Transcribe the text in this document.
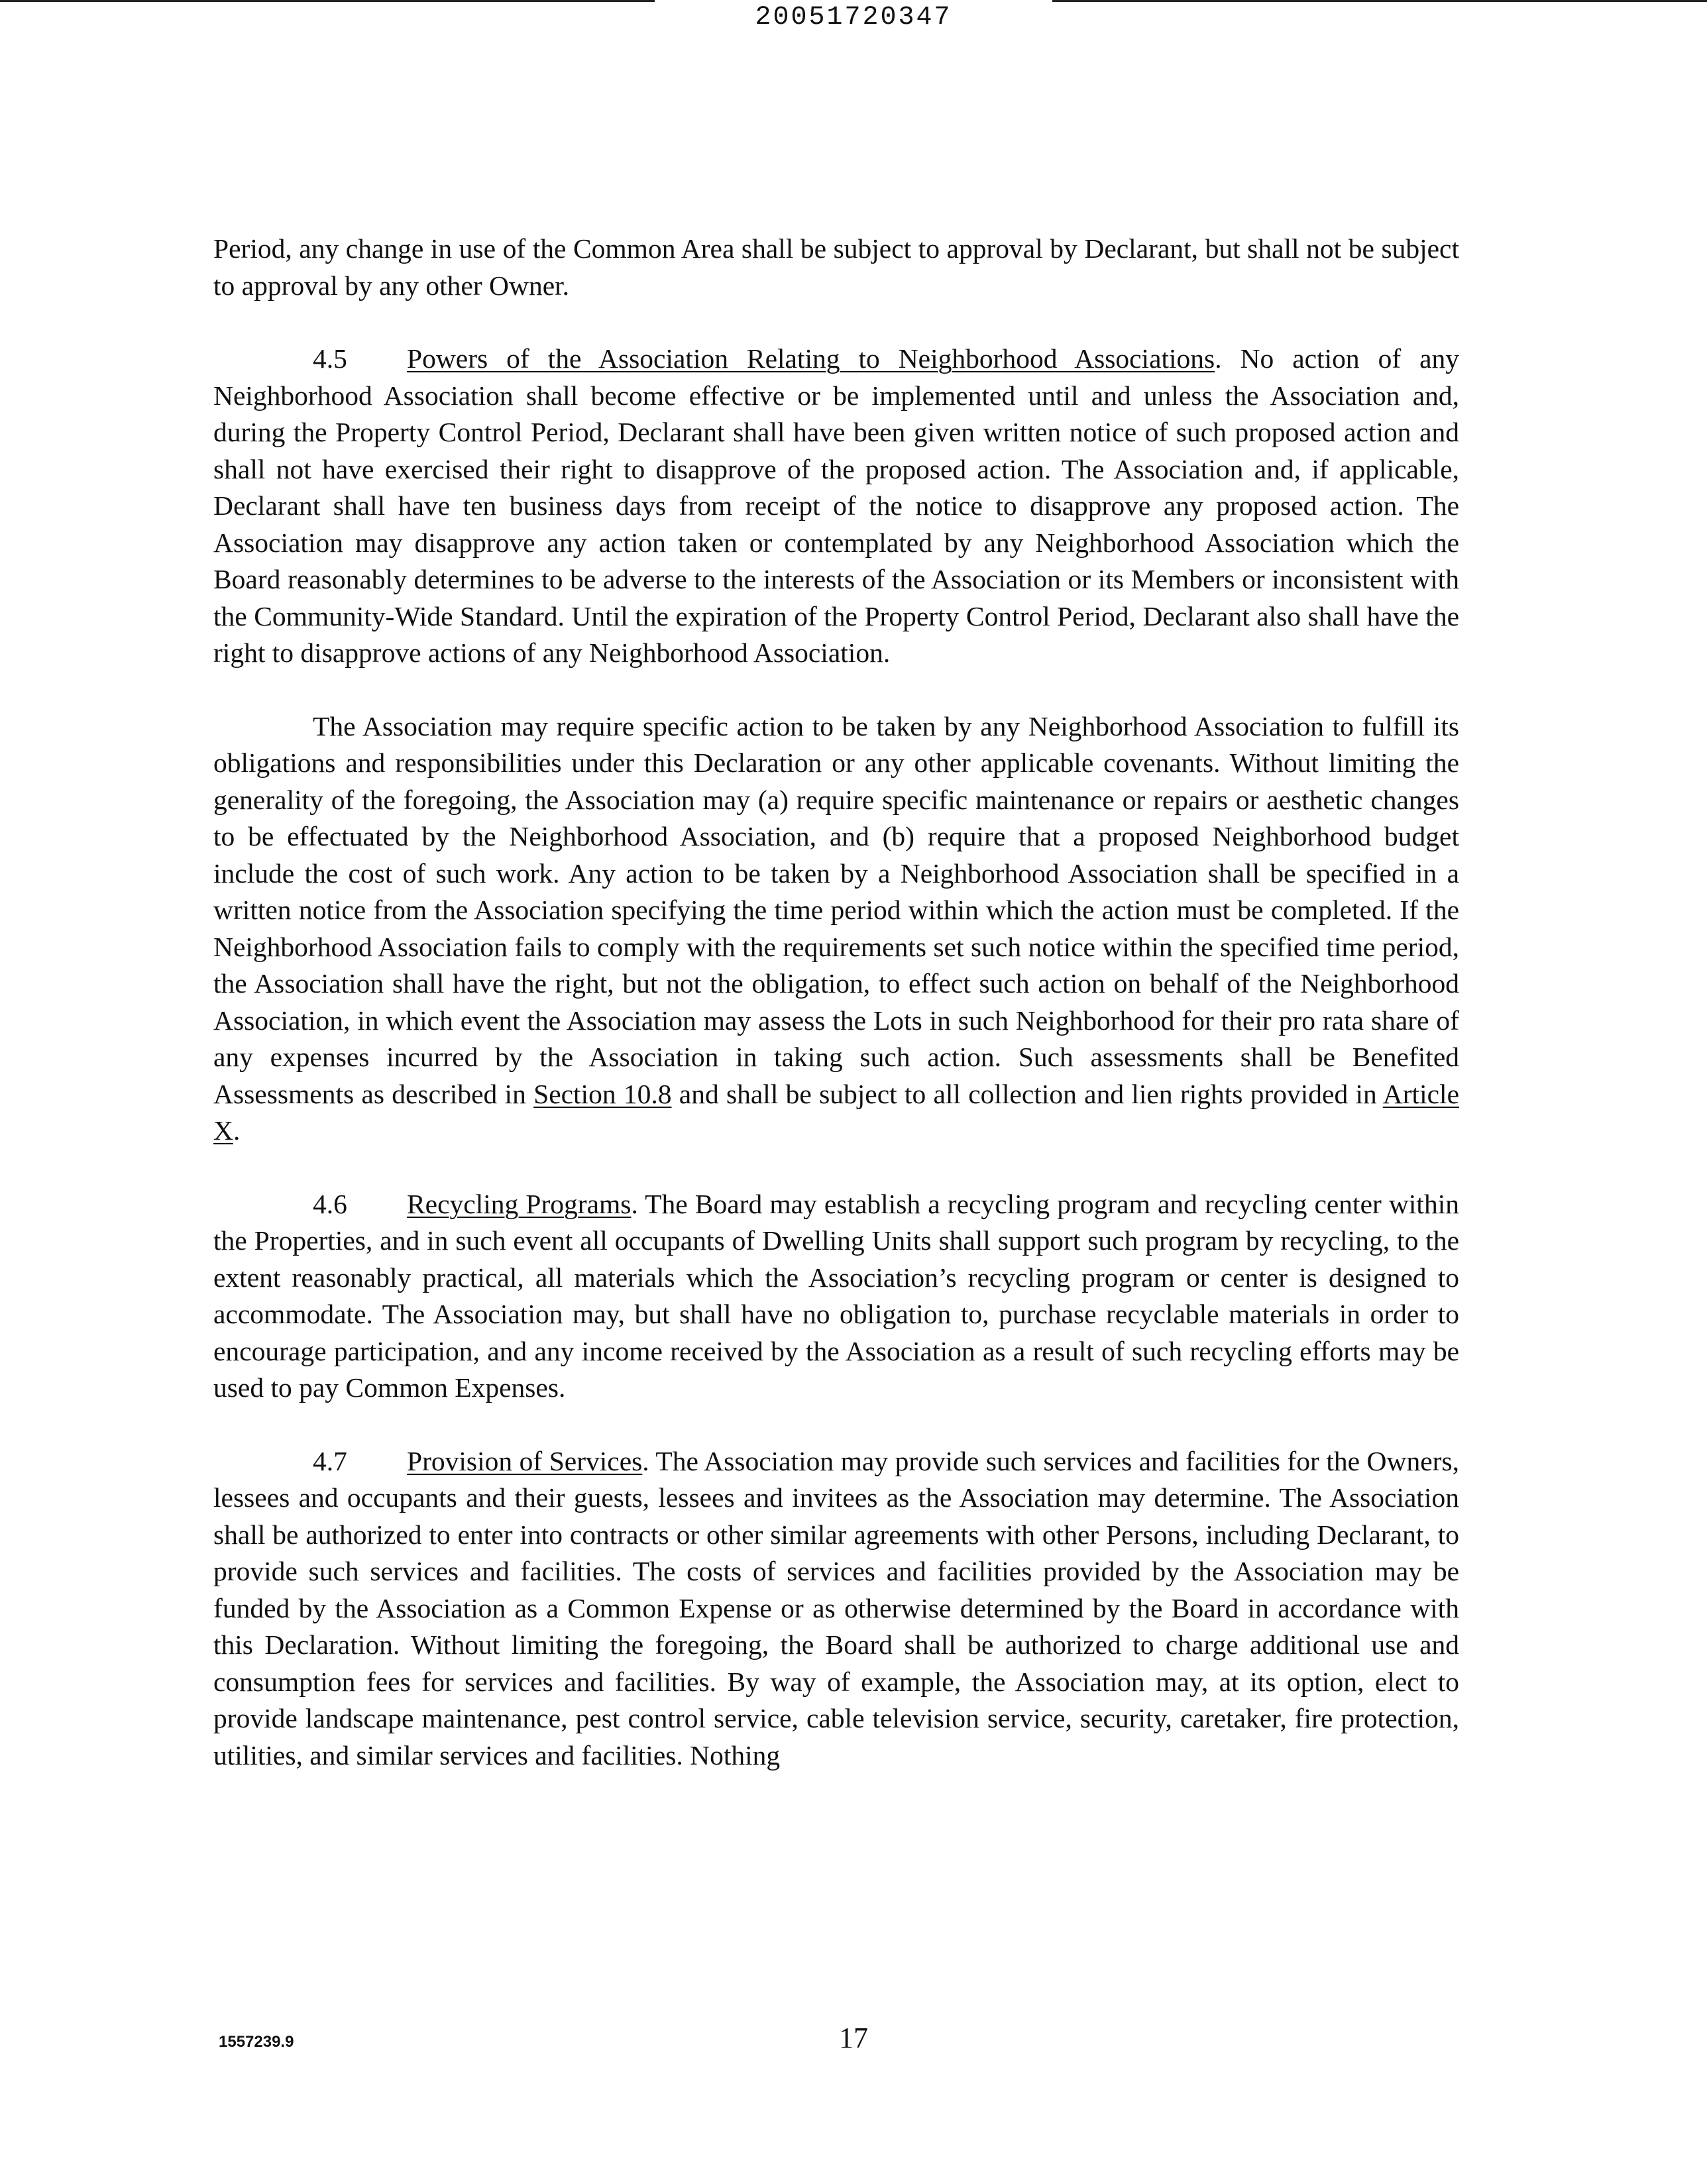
20051720347

Period, any change in use of the Common Area shall be subject to approval by Declarant, but shall not be subject to approval by any other Owner.

4.5 Powers of the Association Relating to Neighborhood Associations. No action of any Neighborhood Association shall become effective or be implemented until and unless the Association and, during the Property Control Period, Declarant shall have been given written notice of such proposed action and shall not have exercised their right to disapprove of the proposed action. The Association and, if applicable, Declarant shall have ten business days from receipt of the notice to disapprove any proposed action. The Association may disapprove any action taken or contemplated by any Neighborhood Association which the Board reasonably determines to be adverse to the interests of the Association or its Members or inconsistent with the Community-Wide Standard. Until the expiration of the Property Control Period, Declarant also shall have the right to disapprove actions of any Neighborhood Association.

The Association may require specific action to be taken by any Neighborhood Association to fulfill its obligations and responsibilities under this Declaration or any other applicable covenants. Without limiting the generality of the foregoing, the Association may (a) require specific maintenance or repairs or aesthetic changes to be effectuated by the Neighborhood Association, and (b) require that a proposed Neighborhood budget include the cost of such work. Any action to be taken by a Neighborhood Association shall be specified in a written notice from the Association specifying the time period within which the action must be completed. If the Neighborhood Association fails to comply with the requirements set such notice within the specified time period, the Association shall have the right, but not the obligation, to effect such action on behalf of the Neighborhood Association, in which event the Association may assess the Lots in such Neighborhood for their pro rata share of any expenses incurred by the Association in taking such action. Such assessments shall be Benefited Assessments as described in Section 10.8 and shall be subject to all collection and lien rights provided in Article X.

4.6 Recycling Programs. The Board may establish a recycling program and recycling center within the Properties, and in such event all occupants of Dwelling Units shall support such program by recycling, to the extent reasonably practical, all materials which the Association’s recycling program or center is designed to accommodate. The Association may, but shall have no obligation to, purchase recyclable materials in order to encourage participation, and any income received by the Association as a result of such recycling efforts may be used to pay Common Expenses.

4.7 Provision of Services. The Association may provide such services and facilities for the Owners, lessees and occupants and their guests, lessees and invitees as the Association may determine. The Association shall be authorized to enter into contracts or other similar agreements with other Persons, including Declarant, to provide such services and facilities. The costs of services and facilities provided by the Association may be funded by the Association as a Common Expense or as otherwise determined by the Board in accordance with this Declaration. Without limiting the foregoing, the Board shall be authorized to charge additional use and consumption fees for services and facilities. By way of example, the Association may, at its option, elect to provide landscape maintenance, pest control service, cable television service, security, caretaker, fire protection, utilities, and similar services and facilities. Nothing

1557239.9	17
